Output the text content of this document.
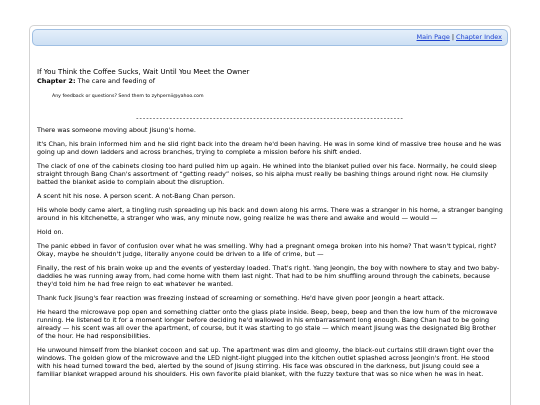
Main Page | Chapter Index
If You Think the Coffee Sucks, Wait Until You Meet the Owner
Chapter 2: The care and feeding of
Any feedback or questions? Send them to zyhpernii@yahoo.com
--------------------------------------------------------------------------------

There was someone moving about Jisung's home.

It's Chan, his brain informed him and he slid right back into the dream he'd been having. He was in some kind of massive tree house and he was going up and down ladders and across branches, trying to complete a mission before his shift ended.

The clack of one of the cabinets closing too hard pulled him up again. He whined into the blanket pulled over his face. Normally, he could sleep straight through Bang Chan's assortment of “getting ready” noises, so his alpha must really be bashing things around right now. He clumsily batted the blanket aside to complain about the disruption.

A scent hit his nose. A person scent. A not-Bang Chan person.

His whole body came alert, a tingling rush spreading up his back and down along his arms. There was a stranger in his home, a stranger banging around in his kitchenette, a stranger who was, any minute now, going realize he was there and awake and would — would —

Hold on.

The panic ebbed in favor of confusion over what he was smelling. Why had a pregnant omega broken into his home? That wasn't typical, right? Okay, maybe he shouldn't judge, literally anyone could be driven to a life of crime, but —

Finally, the rest of his brain woke up and the events of yesterday loaded. That's right. Yang Jeongin, the boy with nowhere to stay and two baby-daddies he was running away from, had come home with them last night. That had to be him shuffling around through the cabinets, because they'd told him he had free reign to eat whatever he wanted.

Thank fuck Jisung's fear reaction was freezing instead of screaming or something. He'd have given poor Jeongin a heart attack.

He heard the microwave pop open and something clatter onto the glass plate inside. Beep, beep, beep and then the low hum of the microwave running. He listened to it for a moment longer before deciding he'd wallowed in his embarrassment long enough. Bang Chan had to be going already — his scent was all over the apartment, of course, but it was starting to go stale — which meant Jisung was the designated Big Brother of the hour. He had responsibilities.

He unwound himself from the blanket cocoon and sat up. The apartment was dim and gloomy, the black-out curtains still drawn tight over the windows. The golden glow of the microwave and the LED night-light plugged into the kitchen outlet splashed across Jeongin's front. He stood with his head turned toward the bed, alerted by the sound of Jisung stirring. His face was obscured in the darkness, but Jisung could see a familiar blanket wrapped around his shoulders. His own favorite plaid blanket, with the fuzzy texture that was so nice when he was in heat.
